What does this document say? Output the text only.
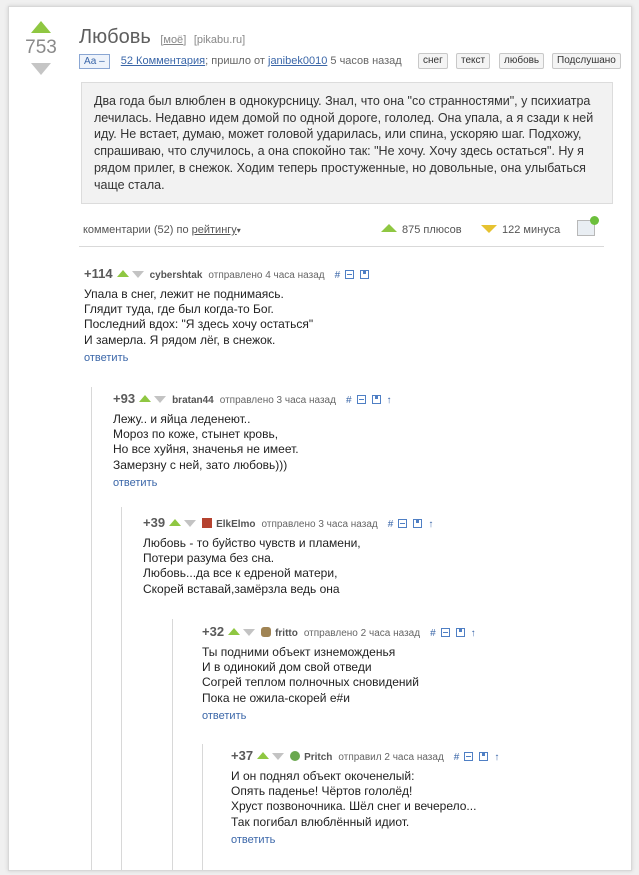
753	Любовь [моё] [pikabu.ru]
Аа – 52 Комментария; пришло от janibek0010 5 часов назад	снег	текст	любовь	Подслушано
Два года был влюблен в однокурсницу. Знал, что она "со странностями", у психиатра лечилась. Недавно идем домой по одной дороге, гололед. Она упала, а я сзади к ней иду. Не встает, думаю, может головой ударилась, или спина, ускоряю шаг. Подхожу, спрашиваю, что случилось, а она спокойно так: "Не хочу. Хочу здесь остаться". Ну я рядом прилег, в снежок. Ходим теперь простуженные, но довольные, она улыбаться чаще стала.
комментарии (52) по рейтингу▾	875 плюсов	122 минуса
+114	cybershtak отправлено 4 часа назад #
Упала в снег, лежит не поднимаясь.
Глядит туда, где был когда-то Бог.
Последний вдох: "Я здесь хочу остаться"
И замерла. Я рядом лёг, в снежок.
ответить
+93	bratan44 отправлено 3 часа назад #	↑
Лежу.. и яйца леденеют..
Мороз по коже, стынет кровь,
Но все хуйня, значенья не имеет.
Замерзну с ней, зато любовь)))
ответить
+39	ElkElmo отправлено 3 часа назад #	↑
Любовь - то буйство чувств и пламени,
Потери разума без сна.
Любовь...да все к едреной матери,
Скорей вставай,замёрзла ведь она
+32	fritto отправлено 2 часа назад #	↑
Ты подними объект изнеможденья
И в одинокий дом свой отведи
Согрей теплом полночных сновидений
Пока не ожила-скорей е#и
ответить
+37	Pritch отправил 2 часа назад #	↑
И он поднял объект окоченелый:
Опять паденье! Чёртов гололёд!
Хруст позвоночника. Шёл снег и вечерело...
Так погибал влюблённый идиот.
ответить
